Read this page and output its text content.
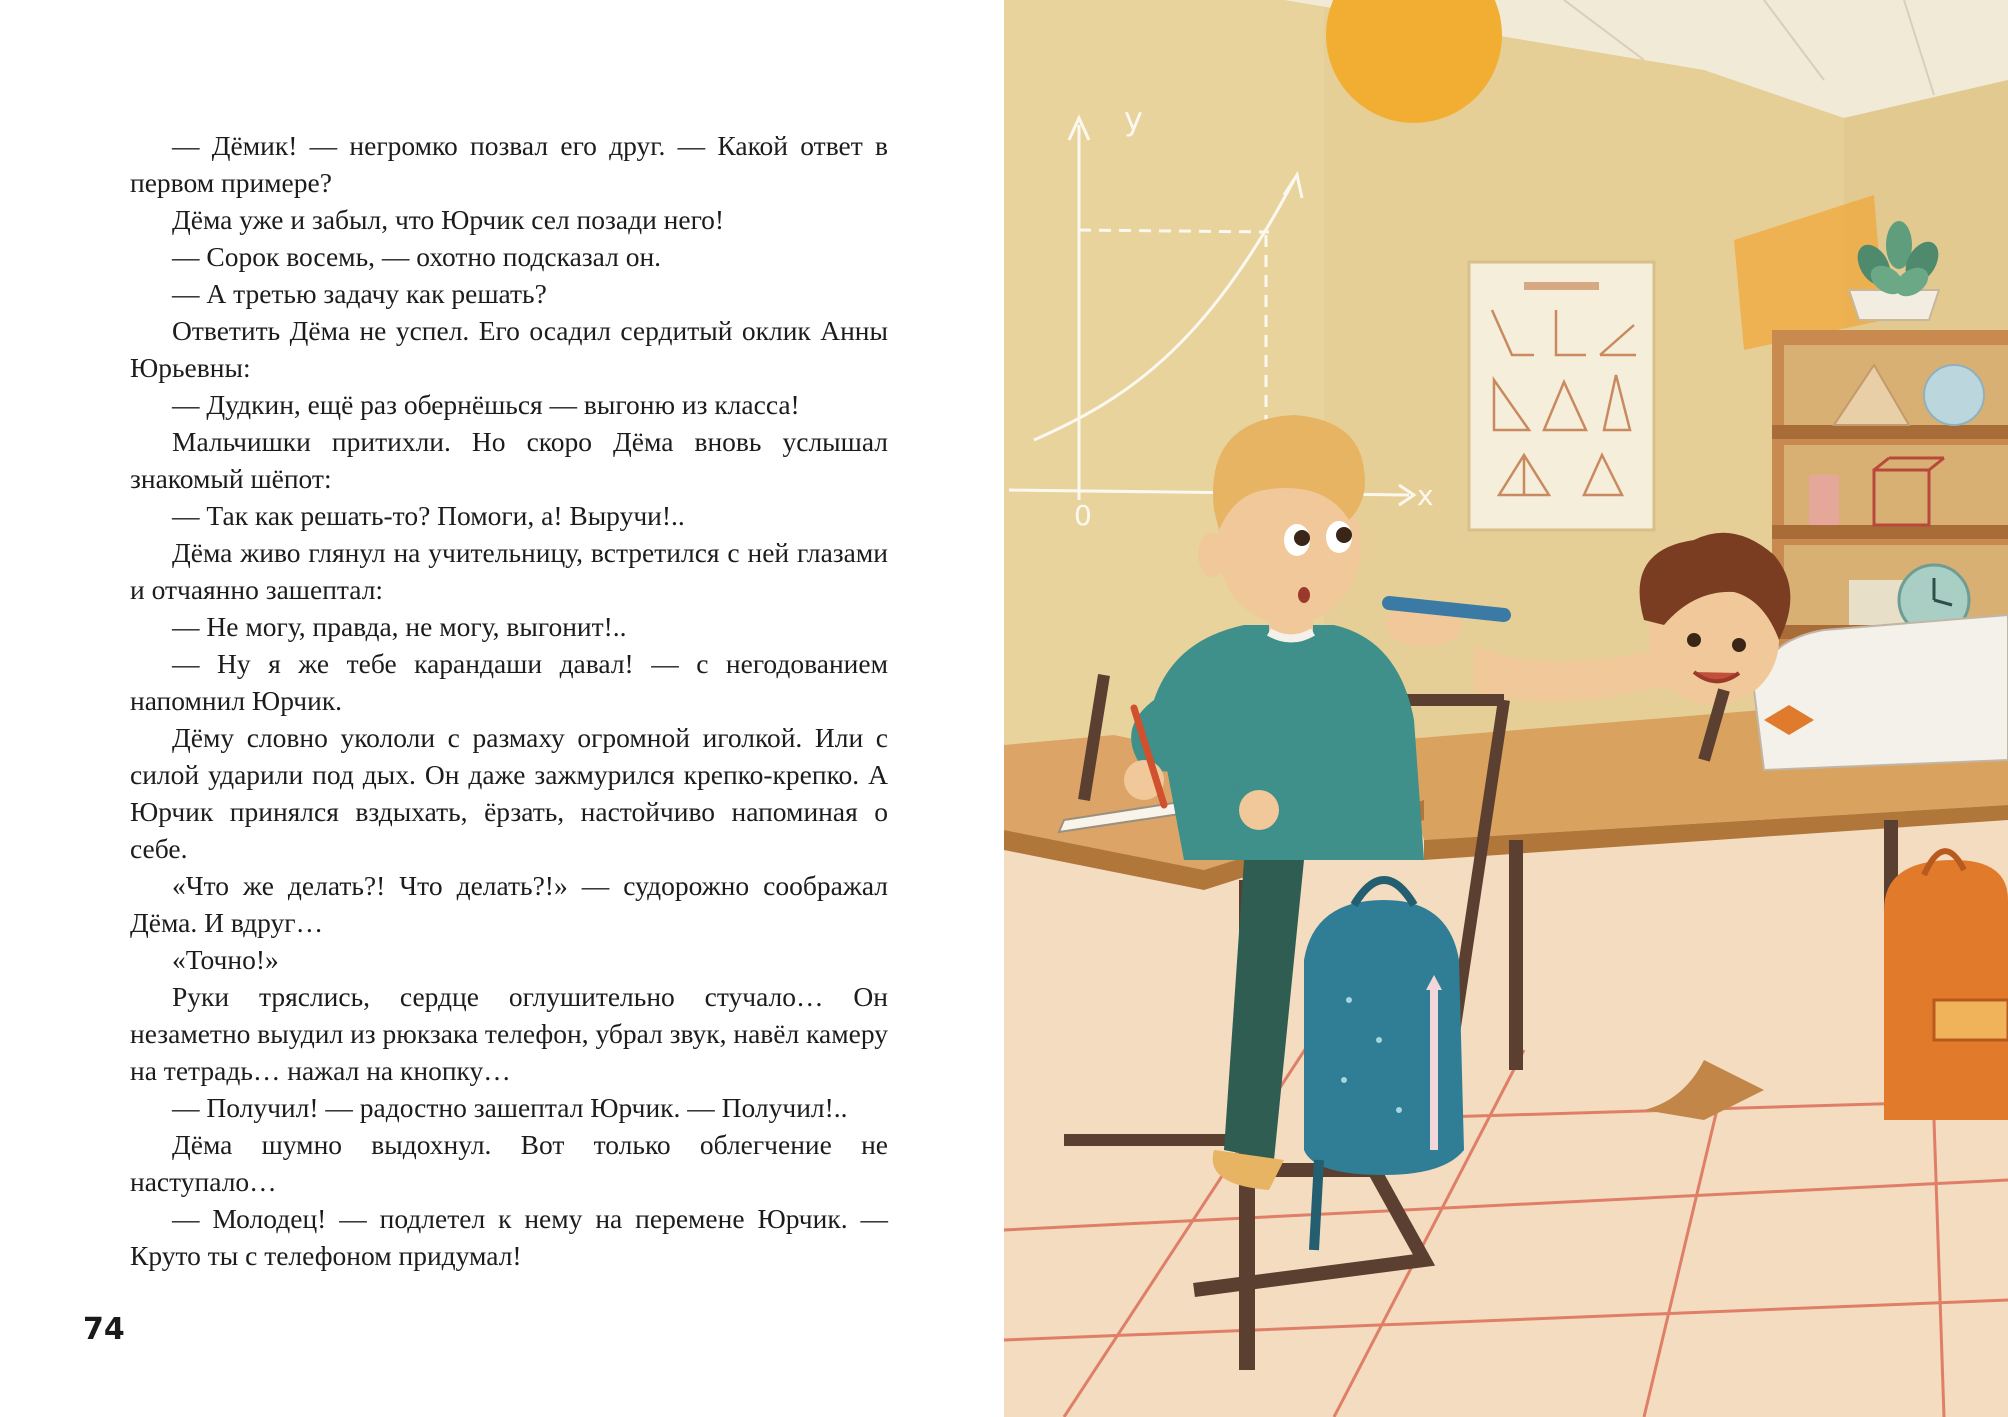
— Дёмик! — негромко позвал его друг. — Какой ответ в первом примере?

Дёма уже и забыл, что Юрчик сел позади него!

— Сорок восемь, — охотно подсказал он.

— А третью задачу как решать?

Ответить Дёма не успел. Его осадил сердитый оклик Анны Юрьевны:

— Дудкин, ещё раз обернёшься — выгоню из класса!

Мальчишки притихли. Но скоро Дёма вновь услышал знакомый шёпот:

— Так как решать-то? Помоги, а! Выручи!..

Дёма живо глянул на учительницу, встретился с ней глазами и отчаянно зашептал:

— Не могу, правда, не могу, выгонит!..

— Ну я же тебе карандаши давал! — с негодованием напомнил Юрчик.

Дёму словно укололи с размаху огромной иголкой. Или с силой ударили под дых. Он даже зажмурился крепко-крепко. А Юрчик принялся вздыхать, ёрзать, настойчиво напоминая о себе.

«Что же делать?! Что делать?!» — судорожно соображал Дёма. И вдруг…

«Точно!»

Руки тряслись, сердце оглушительно стучало… Он незаметно выудил из рюкзака телефон, убрал звук, навёл камеру на тетрадь… нажал на кнопку…

— Получил! — радостно зашептал Юрчик. — Получил!..

Дёма шумно выдохнул. Вот только облегчение не наступало…

— Молодец! — подлетел к нему на перемене Юрчик. — Круто ты с телефоном придумал!

74
y
x
0
